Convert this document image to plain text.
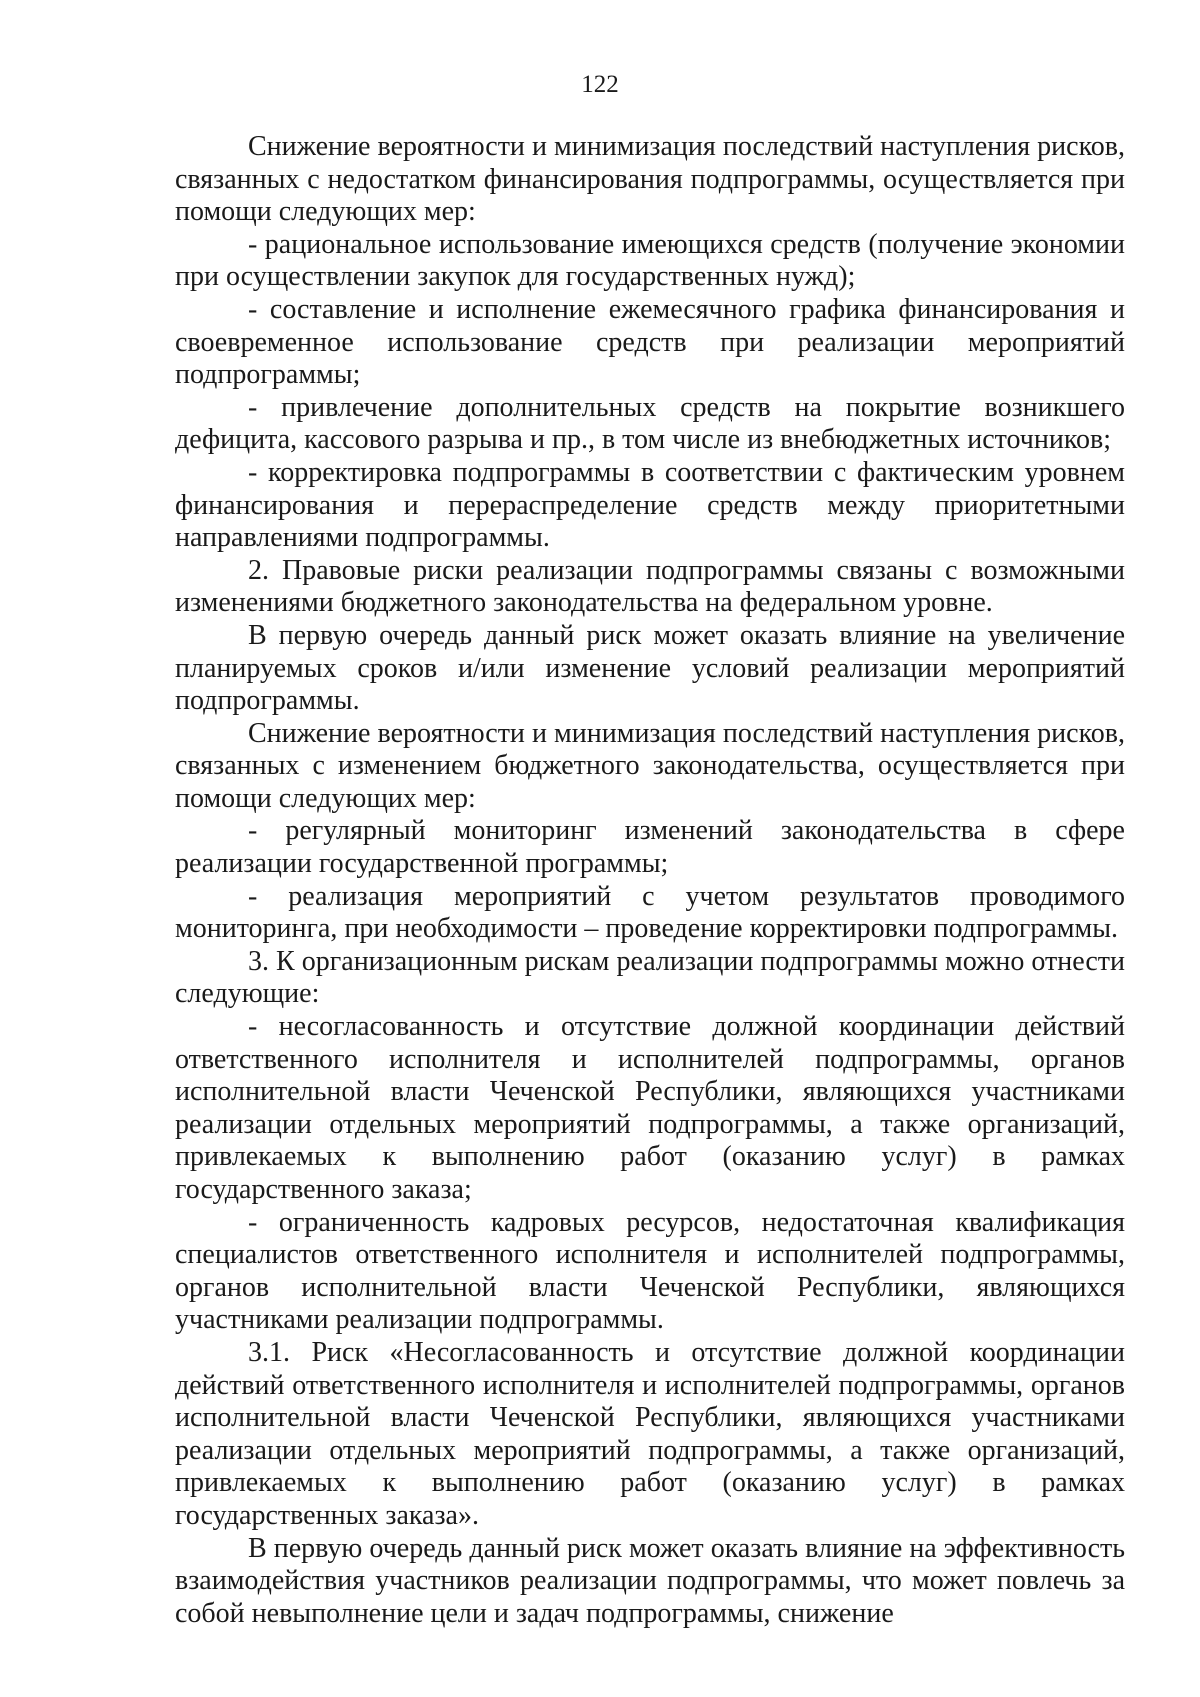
122

Снижение вероятности и минимизация последствий наступления рисков, связанных с недостатком финансирования подпрограммы, осуществляется при помощи следующих мер:

- рациональное использование имеющихся средств (получение экономии при осуществлении закупок для государственных нужд);

- составление и исполнение ежемесячного графика финансирования и своевременное использование средств при реализации мероприятий подпрограммы;

- привлечение дополнительных средств на покрытие возникшего дефицита, кассового разрыва и пр., в том числе из внебюджетных источников;

- корректировка подпрограммы в соответствии с фактическим уровнем финансирования и перераспределение средств между приоритетными направлениями подпрограммы.

2. Правовые риски реализации подпрограммы связаны с возможными изменениями бюджетного законодательства на федеральном уровне.

В первую очередь данный риск может оказать влияние на увеличение планируемых сроков и/или изменение условий реализации мероприятий подпрограммы.

Снижение вероятности и минимизация последствий наступления рисков, связанных с изменением бюджетного законодательства, осуществляется при помощи следующих мер:

- регулярный мониторинг изменений законодательства в сфере реализации государственной программы;

- реализация мероприятий с учетом результатов проводимого мониторинга, при необходимости – проведение корректировки подпрограммы.

3. К организационным рискам реализации подпрограммы можно отнести следующие:

- несогласованность и отсутствие должной координации действий ответственного исполнителя и исполнителей подпрограммы, органов исполнительной власти Чеченской Республики, являющихся участниками реализации отдельных мероприятий подпрограммы, а также организаций, привлекаемых к выполнению работ (оказанию услуг) в рамках государственного заказа;

- ограниченность кадровых ресурсов, недостаточная квалификация специалистов ответственного исполнителя и исполнителей подпрограммы, органов исполнительной власти Чеченской Республики, являющихся участниками реализации подпрограммы.

3.1. Риск «Несогласованность и отсутствие должной координации действий ответственного исполнителя и исполнителей подпрограммы, органов исполнительной власти Чеченской Республики, являющихся участниками реализации отдельных мероприятий подпрограммы, а также организаций, привлекаемых к выполнению работ (оказанию услуг) в рамках государственных заказа».

В первую очередь данный риск может оказать влияние на эффективность взаимодействия участников реализации подпрограммы, что может повлечь за собой невыполнение цели и задач подпрограммы, снижение
